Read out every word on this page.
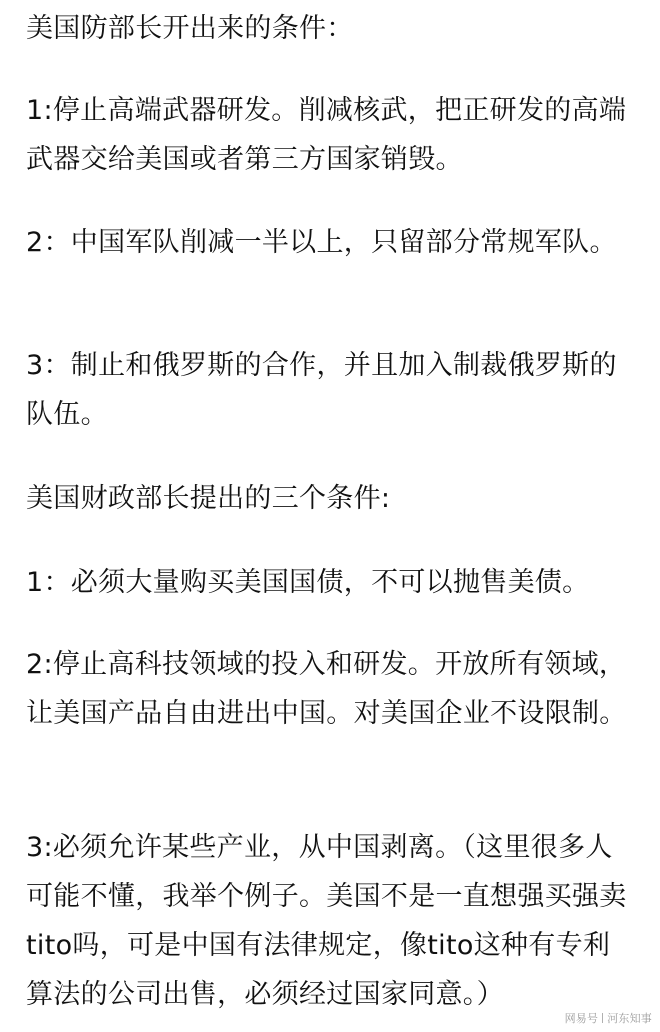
美国防部长开出来的条件：

1:停止高端武器研发。削减核武，把正研发的高端武器交给美国或者第三方国家销毁。

2：中国军队削减一半以上，只留部分常规军队。

3：制止和俄罗斯的合作，并且加入制裁俄罗斯的队伍。

美国财政部长提出的三个条件:

1：必须大量购买美国国债，不可以抛售美债。

2:停止高科技领域的投入和研发。开放所有领域，让美国产品自由进出中国。对美国企业不设限制。

3:必须允许某些产业，从中国剥离。（这里很多人可能不懂，我举个例子。美国不是一直想强买强卖tito吗，可是中国有法律规定，像tito这种有专利算法的公司出售，必须经过国家同意。）

网易号 河东知事
